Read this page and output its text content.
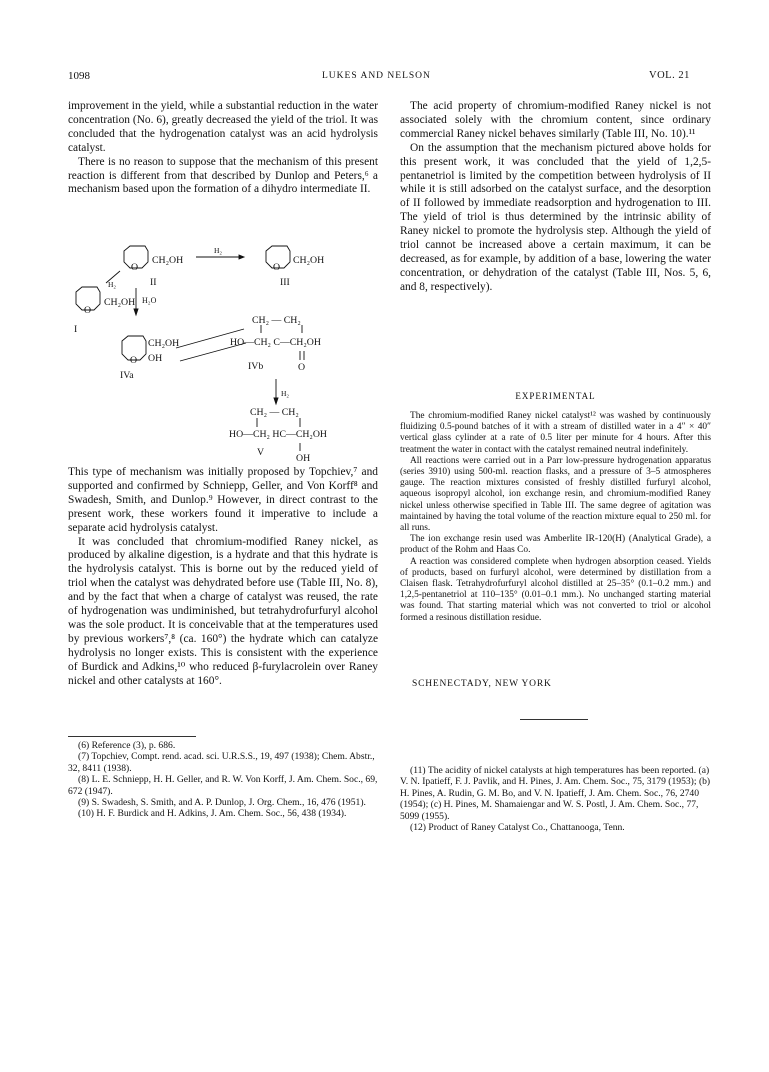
1098	LUKES AND NELSON	VOL. 21

improvement in the yield, while a substantial reduction in the water concentration (No. 6), greatly decreased the yield of the triol. It was concluded that the hydrogenation catalyst was an acid hydrolysis catalyst.

There is no reason to suppose that the mechanism of this present reaction is different from that described by Dunlop and Peters,⁶ a mechanism based upon the formation of a dihydro intermediate II.

O
CH₂OH
H₂
O
CH₂OH
II	III
H₂
O
CH₂OH H₂O
I
CH₂OH
O OH
IVa
CH₂ — CH₂
HO—CH₂ C—CH₂OH
O
IVb
H₂
CH₂ — CH₂
HO—CH₂ HC—CH₂OH
OH
V

This type of mechanism was initially proposed by Topchiev,⁷ and supported and confirmed by Schniepp, Geller, and Von Korff⁸ and Swadesh, Smith, and Dunlop.⁹ However, in direct contrast to the present work, these workers found it imperative to include a separate acid hydrolysis catalyst.

It was concluded that chromium-modified Raney nickel, as produced by alkaline digestion, is a hydrate and that this hydrate is the hydrolysis catalyst. This is borne out by the reduced yield of triol when the catalyst was dehydrated before use (Table III, No. 8), and by the fact that when a charge of catalyst was reused, the rate of hydrogenation was undiminished, but tetrahydrofurfuryl alcohol was the sole product. It is conceivable that at the temperatures used by previous workers⁷,⁸ (ca. 160°) the hydrate which can catalyze hydrolysis no longer exists. This is consistent with the experience of Burdick and Adkins,¹⁰ who reduced β-furylacrolein over Raney nickel and other catalysts at 160°.

(6) Reference (3), p. 686.

(7) Topchiev, Compt. rend. acad. sci. U.R.S.S., 19, 497 (1938); Chem. Abstr., 32, 8411 (1938).

(8) L. E. Schniepp, H. H. Geller, and R. W. Von Korff, J. Am. Chem. Soc., 69, 672 (1947).

(9) S. Swadesh, S. Smith, and A. P. Dunlop, J. Org. Chem., 16, 476 (1951).

(10) H. F. Burdick and H. Adkins, J. Am. Chem. Soc., 56, 438 (1934).

The acid property of chromium-modified Raney nickel is not associated solely with the chromium content, since ordinary commercial Raney nickel behaves similarly (Table III, No. 10).¹¹

On the assumption that the mechanism pictured above holds for this present work, it was concluded that the yield of 1,2,5-pentanetriol is limited by the competition between hydrolysis of II while it is still adsorbed on the catalyst surface, and the desorption of II followed by immediate readsorption and hydrogenation to III. The yield of triol is thus determined by the intrinsic ability of Raney nickel to promote the hydrolysis step. Although the yield of triol cannot be increased above a certain maximum, it can be decreased, as for example, by addition of a base, lowering the water concentration, or dehydration of the catalyst (Table III, Nos. 5, 6, and 8, respectively).

EXPERIMENTAL

The chromium-modified Raney nickel catalyst¹² was washed by continuously fluidizing 0.5-pound batches of it with a stream of distilled water in a 4″ × 40″ vertical glass cylinder at a rate of 0.5 liter per minute for 4 hours. After this treatment the water in contact with the catalyst remained neutral indefinitely.

All reactions were carried out in a Parr low-pressure hydrogenation apparatus (series 3910) using 500-ml. reaction flasks, and a pressure of 3–5 atmospheres gauge. The reaction mixtures consisted of freshly distilled furfuryl alcohol, aqueous isopropyl alcohol, ion exchange resin, and chromium-modified Raney nickel unless otherwise specified in Table III. The same degree of agitation was maintained by having the total volume of the reaction mixture equal to 250 ml. for all runs.

The ion exchange resin used was Amberlite IR-120(H) (Analytical Grade), a product of the Rohm and Haas Co.

A reaction was considered complete when hydrogen absorption ceased. Yields of products, based on furfuryl alcohol, were determined by distillation from a Claisen flask. Tetrahydrofurfuryl alcohol distilled at 25–35° (0.1–0.2 mm.) and 1,2,5-pentanetriol at 110–135° (0.01–0.1 mm.). No unchanged starting material was found. That starting material which was not converted to triol or alcohol formed a resinous distillation residue.

SCHENECTADY, NEW YORK

(11) The acidity of nickel catalysts at high temperatures has been reported. (a) V. N. Ipatieff, F. J. Pavlik, and H. Pines, J. Am. Chem. Soc., 75, 3179 (1953); (b) H. Pines, A. Rudin, G. M. Bo, and V. N. Ipatieff, J. Am. Chem. Soc., 76, 2740 (1954); (c) H. Pines, M. Shamaiengar and W. S. Postl, J. Am. Chem. Soc., 77, 5099 (1955).

(12) Product of Raney Catalyst Co., Chattanooga, Tenn.
